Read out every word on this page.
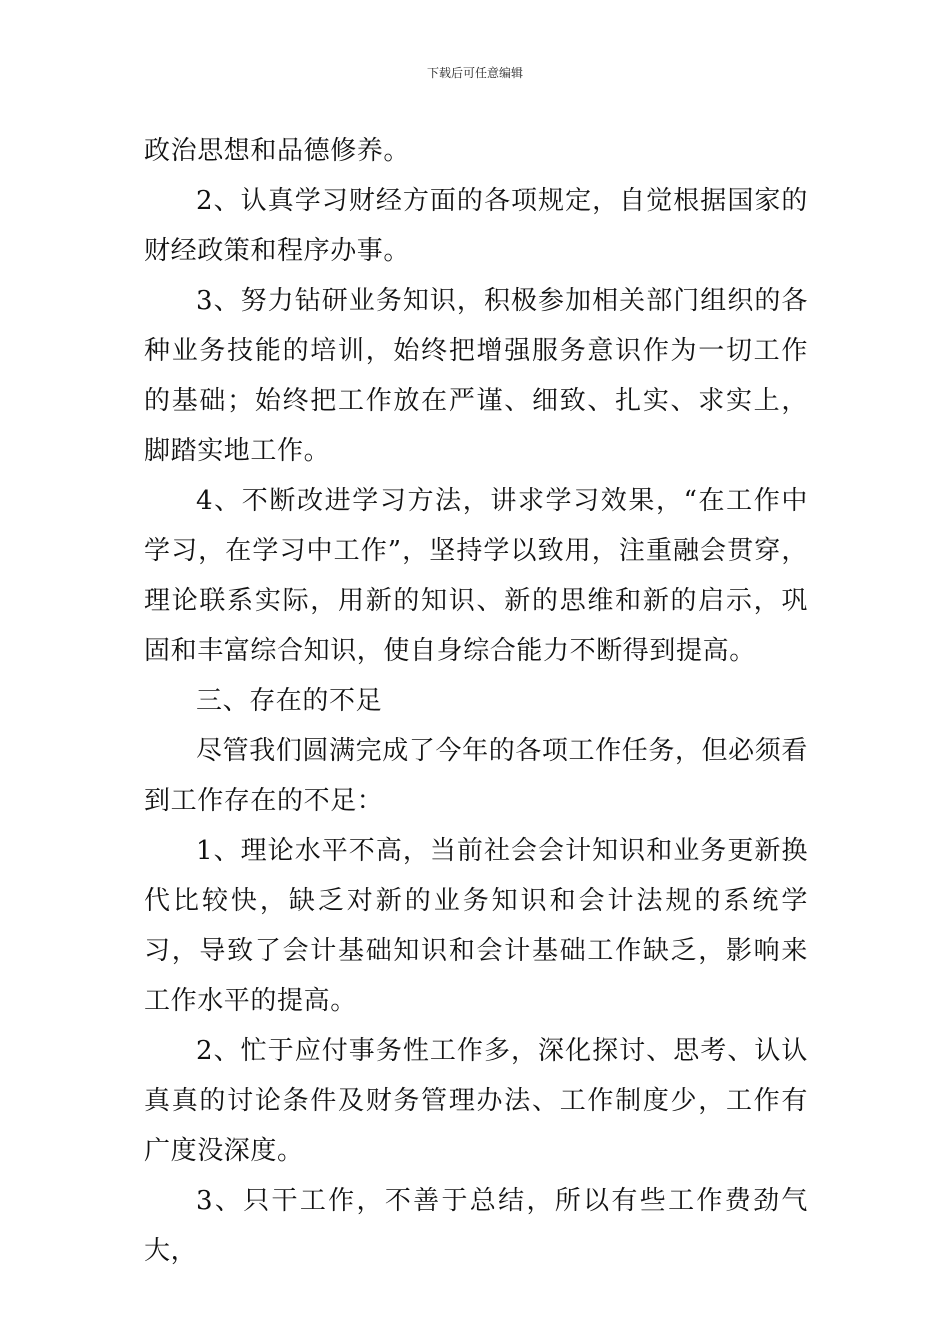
下载后可任意编辑

政治思想和品德修养。

2、认真学习财经方面的各项规定，自觉根据国家的财经政策和程序办事。

3、努力钻研业务知识，积极参加相关部门组织的各种业务技能的培训，始终把增强服务意识作为一切工作的基础；始终把工作放在严谨、细致、扎实、求实上，脚踏实地工作。

4、不断改进学习方法，讲求学习效果，“在工作中学习，在学习中工作”，坚持学以致用，注重融会贯穿，理论联系实际，用新的知识、新的思维和新的启示，巩固和丰富综合知识，使自身综合能力不断得到提高。

三、存在的不足

尽管我们圆满完成了今年的各项工作任务，但必须看到工作存在的不足：

1、理论水平不高，当前社会会计知识和业务更新换代比较快，缺乏对新的业务知识和会计法规的系统学习，导致了会计基础知识和会计基础工作缺乏，影响来工作水平的提高。

2、忙于应付事务性工作多，深化探讨、思考、认认真真的讨论条件及财务管理办法、工作制度少，工作有广度没深度。

3、只干工作，不善于总结，所以有些工作费劲气大，
